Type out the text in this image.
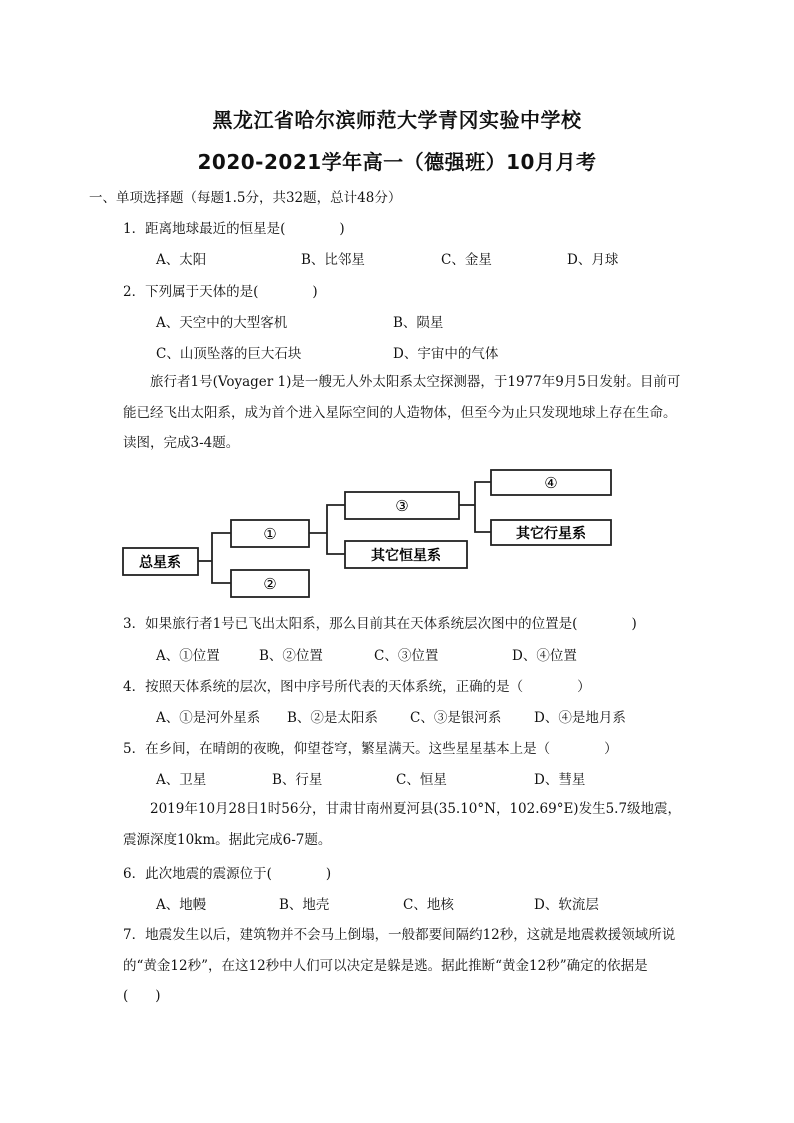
黑龙江省哈尔滨师范大学青冈实验中学校
2020-2021学年高一（德强班）10月月考
一、单项选择题（每题1.5分，共32题，总计48分）
1．距离地球最近的恒星是(　　　　)
A、太阳	B、比邻星	C、金星	D、月球
2．下列属于天体的是(　　　　)
A、天空中的大型客机	B、陨星
C、山顶坠落的巨大石块	D、宇宙中的气体
旅行者1号(Voyager 1)是一艘无人外太阳系太空探测器，于1977年9月5日发射。目前可能已经飞出太阳系，成为首个进入星际空间的人造物体，但至今为止只发现地球上存在生命。读图，完成3-4题。
总星系
①
②
③
其它恒星系
④
其它行星系
3．如果旅行者1号已飞出太阳系，那么目前其在天体系统层次图中的位置是(　　　　)
A、①位置	B、②位置	C、③位置	D、④位置
4．按照天体系统的层次，图中序号所代表的天体系统，正确的是（　　　　）
A、①是河外星系 B、②是太阳系 C、③是银河系 D、④是地月系
5．在乡间，在晴朗的夜晚，仰望苍穹，繁星满天。这些星星基本上是（　　　　）
A、卫星	B、行星	C、恒星	D、彗星
2019年10月28日1时56分，甘肃甘南州夏河县(35.10°N，102.69°E)发生5.7级地震，震源深度10km。据此完成6-7题。
6．此次地震的震源位于(　　　　)
A、地幔	B、地壳	C、地核	D、软流层
7．地震发生以后，建筑物并不会马上倒塌，一般都要间隔约12秒，这就是地震救援领域所说的“黄金12秒”，在这12秒中人们可以决定是躲是逃。据此推断“黄金12秒”确定的依据是(　　)
